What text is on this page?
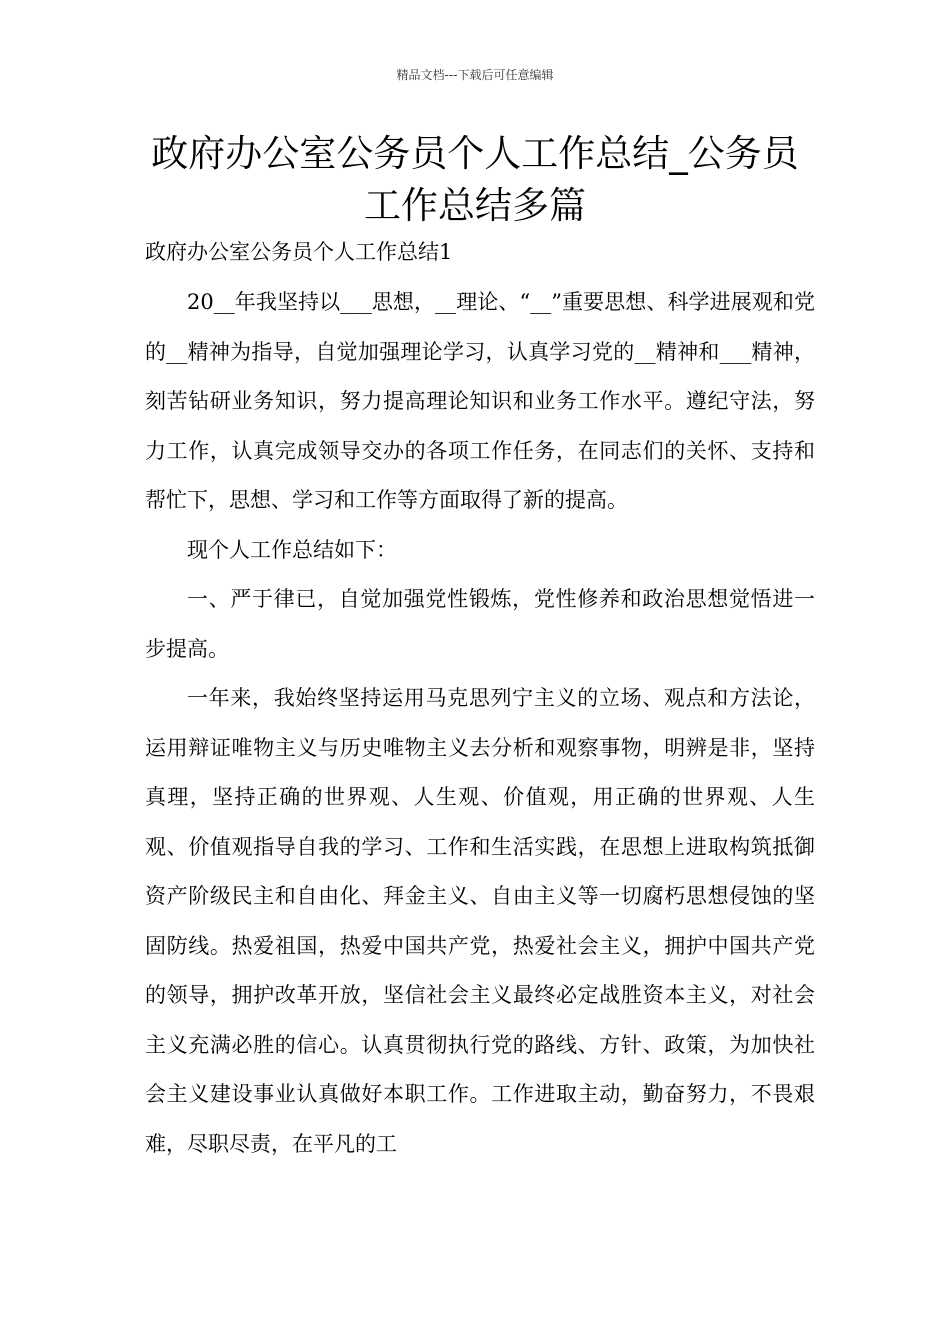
精品文档---下载后可任意编辑
政府办公室公务员个人工作总结_公务员工作总结多篇

政府办公室公务员个人工作总结1

20__年我坚持以___思想，__理论、“__”重要思想、科学进展观和党的__精神为指导，自觉加强理论学习，认真学习党的__精神和___精神，刻苦钻研业务知识，努力提高理论知识和业务工作水平。遵纪守法，努力工作，认真完成领导交办的各项工作任务，在同志们的关怀、支持和帮忙下，思想、学习和工作等方面取得了新的提高。

现个人工作总结如下：

一、严于律已，自觉加强党性锻炼，党性修养和政治思想觉悟进一步提高。

一年来，我始终坚持运用马克思列宁主义的立场、观点和方法论，运用辩证唯物主义与历史唯物主义去分析和观察事物，明辨是非，坚持真理，坚持正确的世界观、人生观、价值观，用正确的世界观、人生观、价值观指导自我的学习、工作和生活实践，在思想上进取构筑抵御资产阶级民主和自由化、拜金主义、自由主义等一切腐朽思想侵蚀的坚固防线。热爱祖国，热爱中国共产党，热爱社会主义，拥护中国共产党的领导，拥护改革开放，坚信社会主义最终必定战胜资本主义，对社会主义充满必胜的信心。认真贯彻执行党的路线、方针、政策，为加快社会主义建设事业认真做好本职工作。工作进取主动，勤奋努力，不畏艰难，尽职尽责，在平凡的工
